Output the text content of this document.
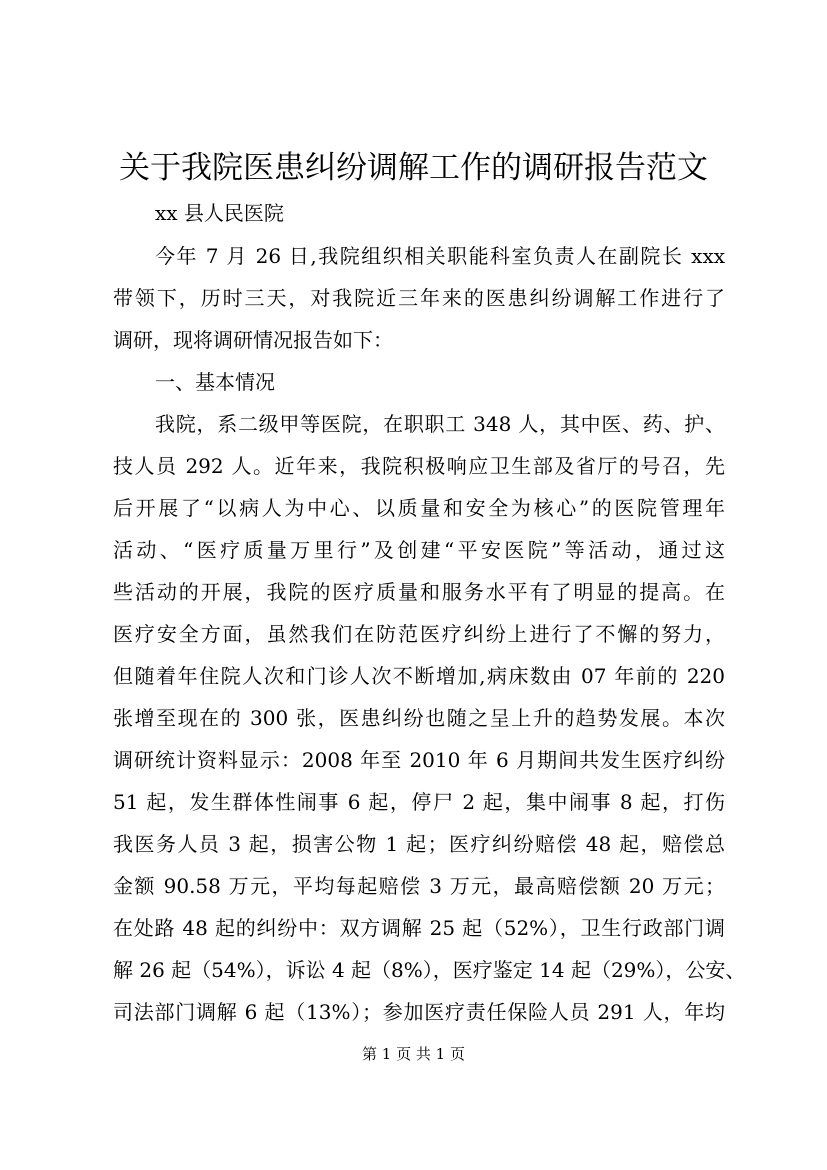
关于我院医患纠纷调解工作的调研报告范文

xx 县人民医院

今年 7 月 26 日,我院组织相关职能科室负责人在副院长 xxx

带领下，历时三天，对我院近三年来的医患纠纷调解工作进行了

调研，现将调研情况报告如下：

一、基本情况

我院，系二级甲等医院，在职职工 348 人，其中医、药、护、

技人员 292 人。近年来，我院积极响应卫生部及省厅的号召，先

后开展了“以病人为中心、以质量和安全为核心”的医院管理年

活动、“医疗质量万里行”及创建“平安医院”等活动，通过这

些活动的开展，我院的医疗质量和服务水平有了明显的提高。在

医疗安全方面，虽然我们在防范医疗纠纷上进行了不懈的努力，

但随着年住院人次和门诊人次不断增加,病床数由 07 年前的 220

张增至现在的 300 张，医患纠纷也随之呈上升的趋势发展。本次

调研统计资料显示：2008 年至 2010 年 6 月期间共发生医疗纠纷

51 起，发生群体性闹事 6 起，停尸 2 起，集中闹事 8 起，打伤

我医务人员 3 起，损害公物 1 起；医疗纠纷赔偿 48 起，赔偿总

金额 90.58 万元，平均每起赔偿 3 万元，最高赔偿额 20 万元；

在处路 48 起的纠纷中：双方调解 25 起（52%），卫生行政部门调

解 26 起（54%），诉讼 4 起（8%），医疗鉴定 14 起（29%），公安、

司法部门调解 6 起（13%）；参加医疗责任保险人员 291 人，年均

第 1 页 共 1 页
